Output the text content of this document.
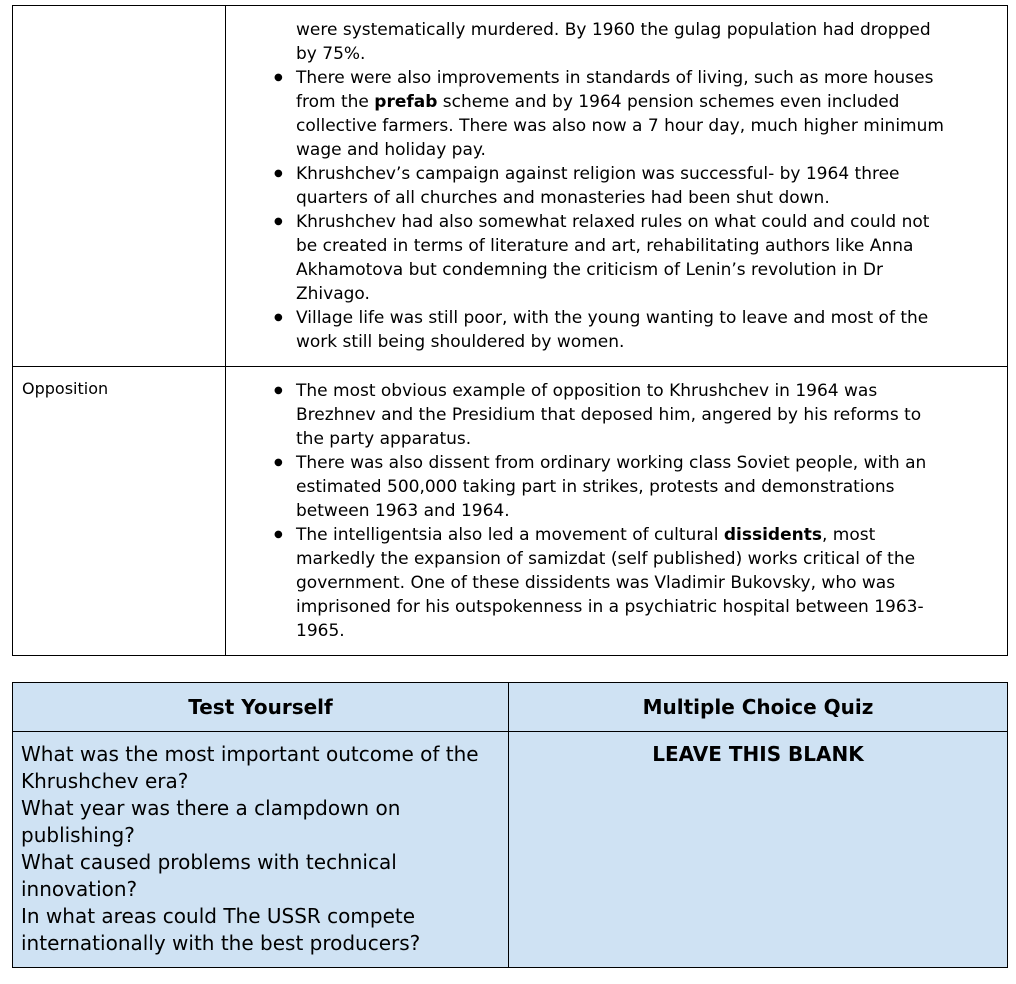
were systematically murdered. By 1960 the gulag population had dropped by 75%.
● There were also improvements in standards of living, such as more houses from the prefab scheme and by 1964 pension schemes even included collective farmers. There was also now a 7 hour day, much higher minimum wage and holiday pay.
● Khrushchev’s campaign against religion was successful- by 1964 three quarters of all churches and monasteries had been shut down.
● Khrushchev had also somewhat relaxed rules on what could and could not be created in terms of literature and art, rehabilitating authors like Anna Akhamotova but condemning the criticism of Lenin’s revolution in Dr Zhivago.
● Village life was still poor, with the young wanting to leave and most of the work still being shouldered by women.
Opposition	● The most obvious example of opposition to Khrushchev in 1964 was Brezhnev and the Presidium that deposed him, angered by his reforms to the party apparatus.
● There was also dissent from ordinary working class Soviet people, with an estimated 500,000 taking part in strikes, protests and demonstrations between 1963 and 1964.
● The intelligentsia also led a movement of cultural dissidents, most markedly the expansion of samizdat (self published) works critical of the government. One of these dissidents was Vladimir Bukovsky, who was imprisoned for his outspokenness in a psychiatric hospital between 1963-1965.
Test Yourself	Multiple Choice Quiz

What was the most important outcome of the Khrushchev era?

What year was there a clampdown on publishing?

What caused problems with technical innovation?

In what areas could The USSR compete internationally with the best producers?

LEAVE THIS BLANK
